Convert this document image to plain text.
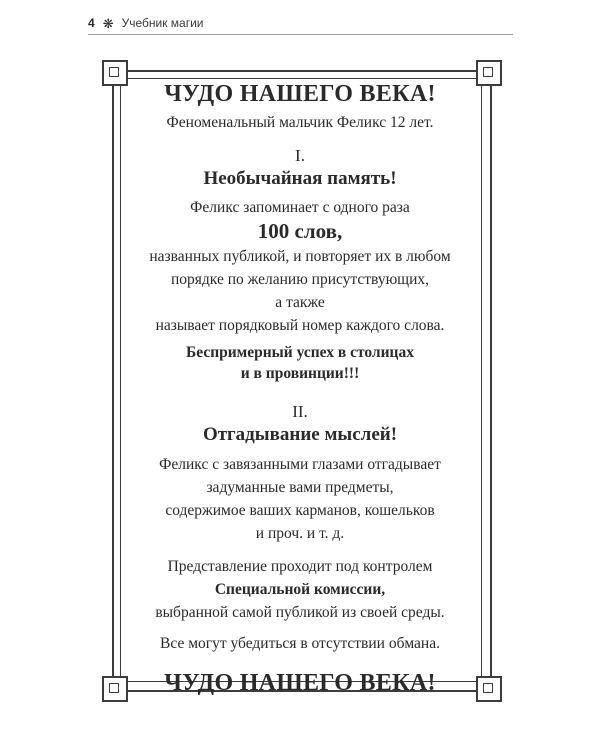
4 ❋ Учебник магии
ЧУДО НАШЕГО ВЕКА!
Феноменальный мальчик Феликс 12 лет.
I.
Необычайная память!
Феликс запоминает с одного раза
100 слов,
названных публикой, и повторяет их в любом
порядке по желанию присутствующих,
а также
называет порядковый номер каждого слова.
Беспримерный успех в столицах
и в провинции!!!
II.
Отгадывание мыслей!
Феликс с завязанными глазами отгадывает
задуманные вами предметы,
содержимое ваших карманов, кошельков
и проч. и т. д.
Представление проходит под контролем
Специальной комиссии,
выбранной самой публикой из своей среды.
Все могут убедиться в отсутствии обмана.
ЧУДО НАШЕГО ВЕКА!
